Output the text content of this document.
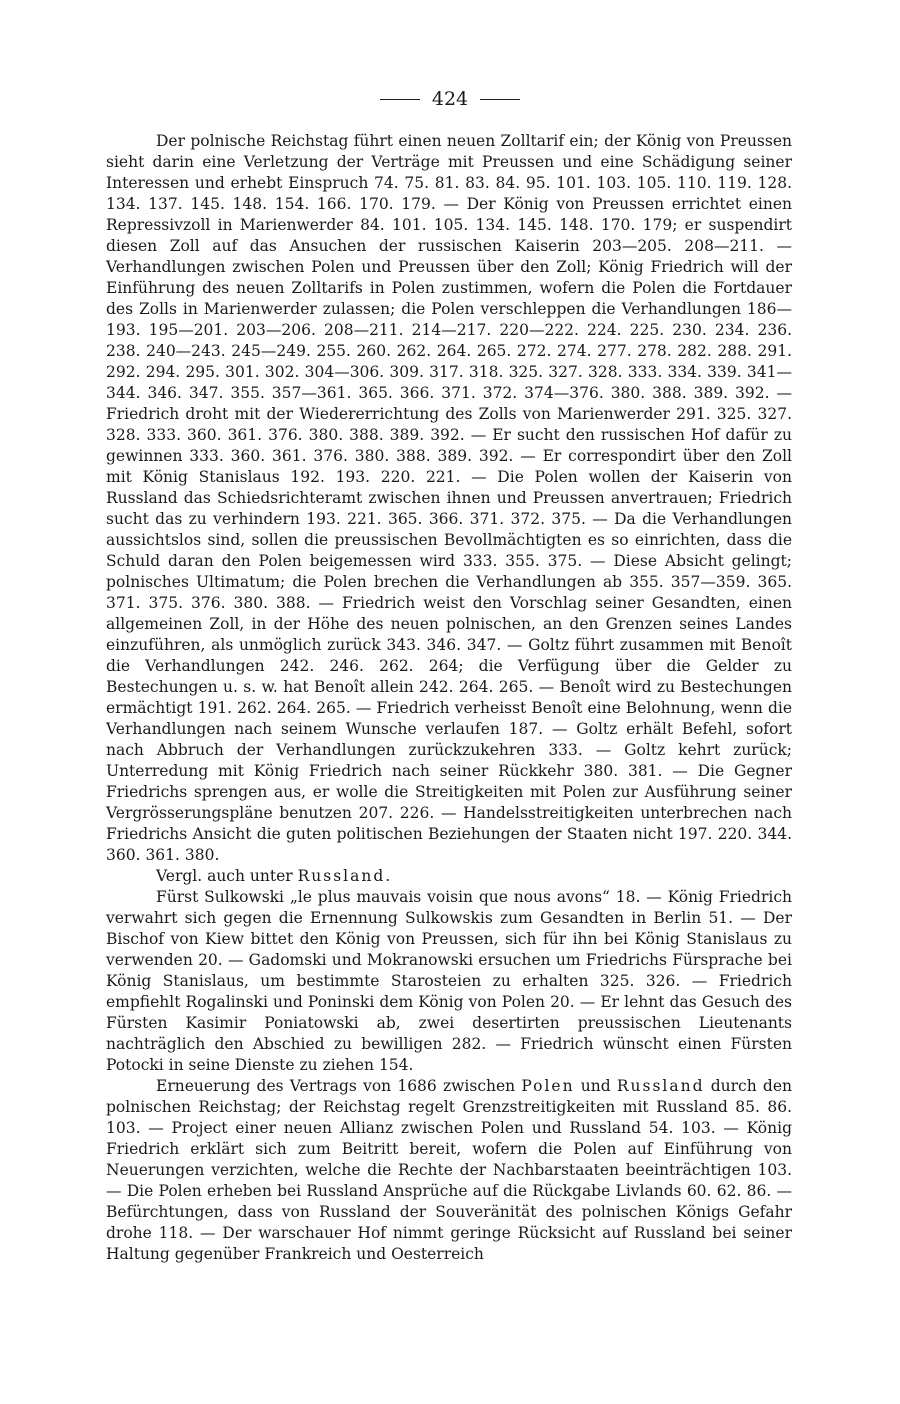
424

Der polnische Reichstag führt einen neuen Zolltarif ein; der König von Preussen sieht darin eine Verletzung der Verträge mit Preussen und eine Schädigung seiner Interessen und erhebt Einspruch 74. 75. 81. 83. 84. 95. 101. 103. 105. 110. 119. 128. 134. 137. 145. 148. 154. 166. 170. 179. — Der König von Preussen errichtet einen Repressivzoll in Marienwerder 84. 101. 105. 134. 145. 148. 170. 179; er suspendirt diesen Zoll auf das Ansuchen der russischen Kaiserin 203—205. 208—211. — Verhandlungen zwischen Polen und Preussen über den Zoll; König Friedrich will der Einführung des neuen Zolltarifs in Polen zustimmen, wofern die Polen die Fortdauer des Zolls in Marienwerder zulassen; die Polen verschleppen die Verhandlungen 186—193. 195—201. 203—206. 208—211. 214—217. 220—222. 224. 225. 230. 234. 236. 238. 240—243. 245—249. 255. 260. 262. 264. 265. 272. 274. 277. 278. 282. 288. 291. 292. 294. 295. 301. 302. 304—306. 309. 317. 318. 325. 327. 328. 333. 334. 339. 341—344. 346. 347. 355. 357—361. 365. 366. 371. 372. 374—376. 380. 388. 389. 392. — Friedrich droht mit der Wiedererrichtung des Zolls von Marienwerder 291. 325. 327. 328. 333. 360. 361. 376. 380. 388. 389. 392. — Er sucht den russischen Hof dafür zu gewinnen 333. 360. 361. 376. 380. 388. 389. 392. — Er correspondirt über den Zoll mit König Stanislaus 192. 193. 220. 221. — Die Polen wollen der Kaiserin von Russland das Schiedsrichteramt zwischen ihnen und Preussen anvertrauen; Friedrich sucht das zu verhindern 193. 221. 365. 366. 371. 372. 375. — Da die Verhandlungen aussichtslos sind, sollen die preussischen Bevollmächtigten es so einrichten, dass die Schuld daran den Polen beigemessen wird 333. 355. 375. — Diese Absicht gelingt; polnisches Ultimatum; die Polen brechen die Verhandlungen ab 355. 357—359. 365. 371. 375. 376. 380. 388. — Friedrich weist den Vorschlag seiner Gesandten, einen allgemeinen Zoll, in der Höhe des neuen polnischen, an den Grenzen seines Landes einzuführen, als unmöglich zurück 343. 346. 347. — Goltz führt zusammen mit Benoît die Verhandlungen 242. 246. 262. 264; die Verfügung über die Gelder zu Bestechungen u. s. w. hat Benoît allein 242. 264. 265. — Benoît wird zu Bestechungen ermächtigt 191. 262. 264. 265. — Friedrich verheisst Benoît eine Belohnung, wenn die Verhandlungen nach seinem Wunsche verlaufen 187. — Goltz erhält Befehl, sofort nach Abbruch der Verhandlungen zurückzukehren 333. — Goltz kehrt zurück; Unterredung mit König Friedrich nach seiner Rückkehr 380. 381. — Die Gegner Friedrichs sprengen aus, er wolle die Streitigkeiten mit Polen zur Ausführung seiner Vergrösserungspläne benutzen 207. 226. — Handelsstreitigkeiten unterbrechen nach Friedrichs Ansicht die guten politischen Beziehungen der Staaten nicht 197. 220. 344. 360. 361. 380.

Vergl. auch unter Russland.

Fürst Sulkowski „le plus mauvais voisin que nous avons“ 18. — König Friedrich verwahrt sich gegen die Ernennung Sulkowskis zum Gesandten in Berlin 51. — Der Bischof von Kiew bittet den König von Preussen, sich für ihn bei König Stanislaus zu verwenden 20. — Gadomski und Mokranowski ersuchen um Friedrichs Fürsprache bei König Stanislaus, um bestimmte Starosteien zu erhalten 325. 326. — Friedrich empfiehlt Rogalinski und Poninski dem König von Polen 20. — Er lehnt das Gesuch des Fürsten Kasimir Poniatowski ab, zwei desertirten preussischen Lieutenants nachträglich den Abschied zu bewilligen 282. — Friedrich wünscht einen Fürsten Potocki in seine Dienste zu ziehen 154.

Erneuerung des Vertrags von 1686 zwischen Polen und Russland durch den polnischen Reichstag; der Reichstag regelt Grenzstreitigkeiten mit Russland 85. 86. 103. — Project einer neuen Allianz zwischen Polen und Russland 54. 103. — König Friedrich erklärt sich zum Beitritt bereit, wofern die Polen auf Einführung von Neuerungen verzichten, welche die Rechte der Nachbarstaaten beeinträchtigen 103. — Die Polen erheben bei Russland Ansprüche auf die Rückgabe Livlands 60. 62. 86. — Befürchtungen, dass von Russland der Souveränität des polnischen Königs Gefahr drohe 118. — Der warschauer Hof nimmt geringe Rücksicht auf Russland bei seiner Haltung gegenüber Frankreich und Oesterreich
